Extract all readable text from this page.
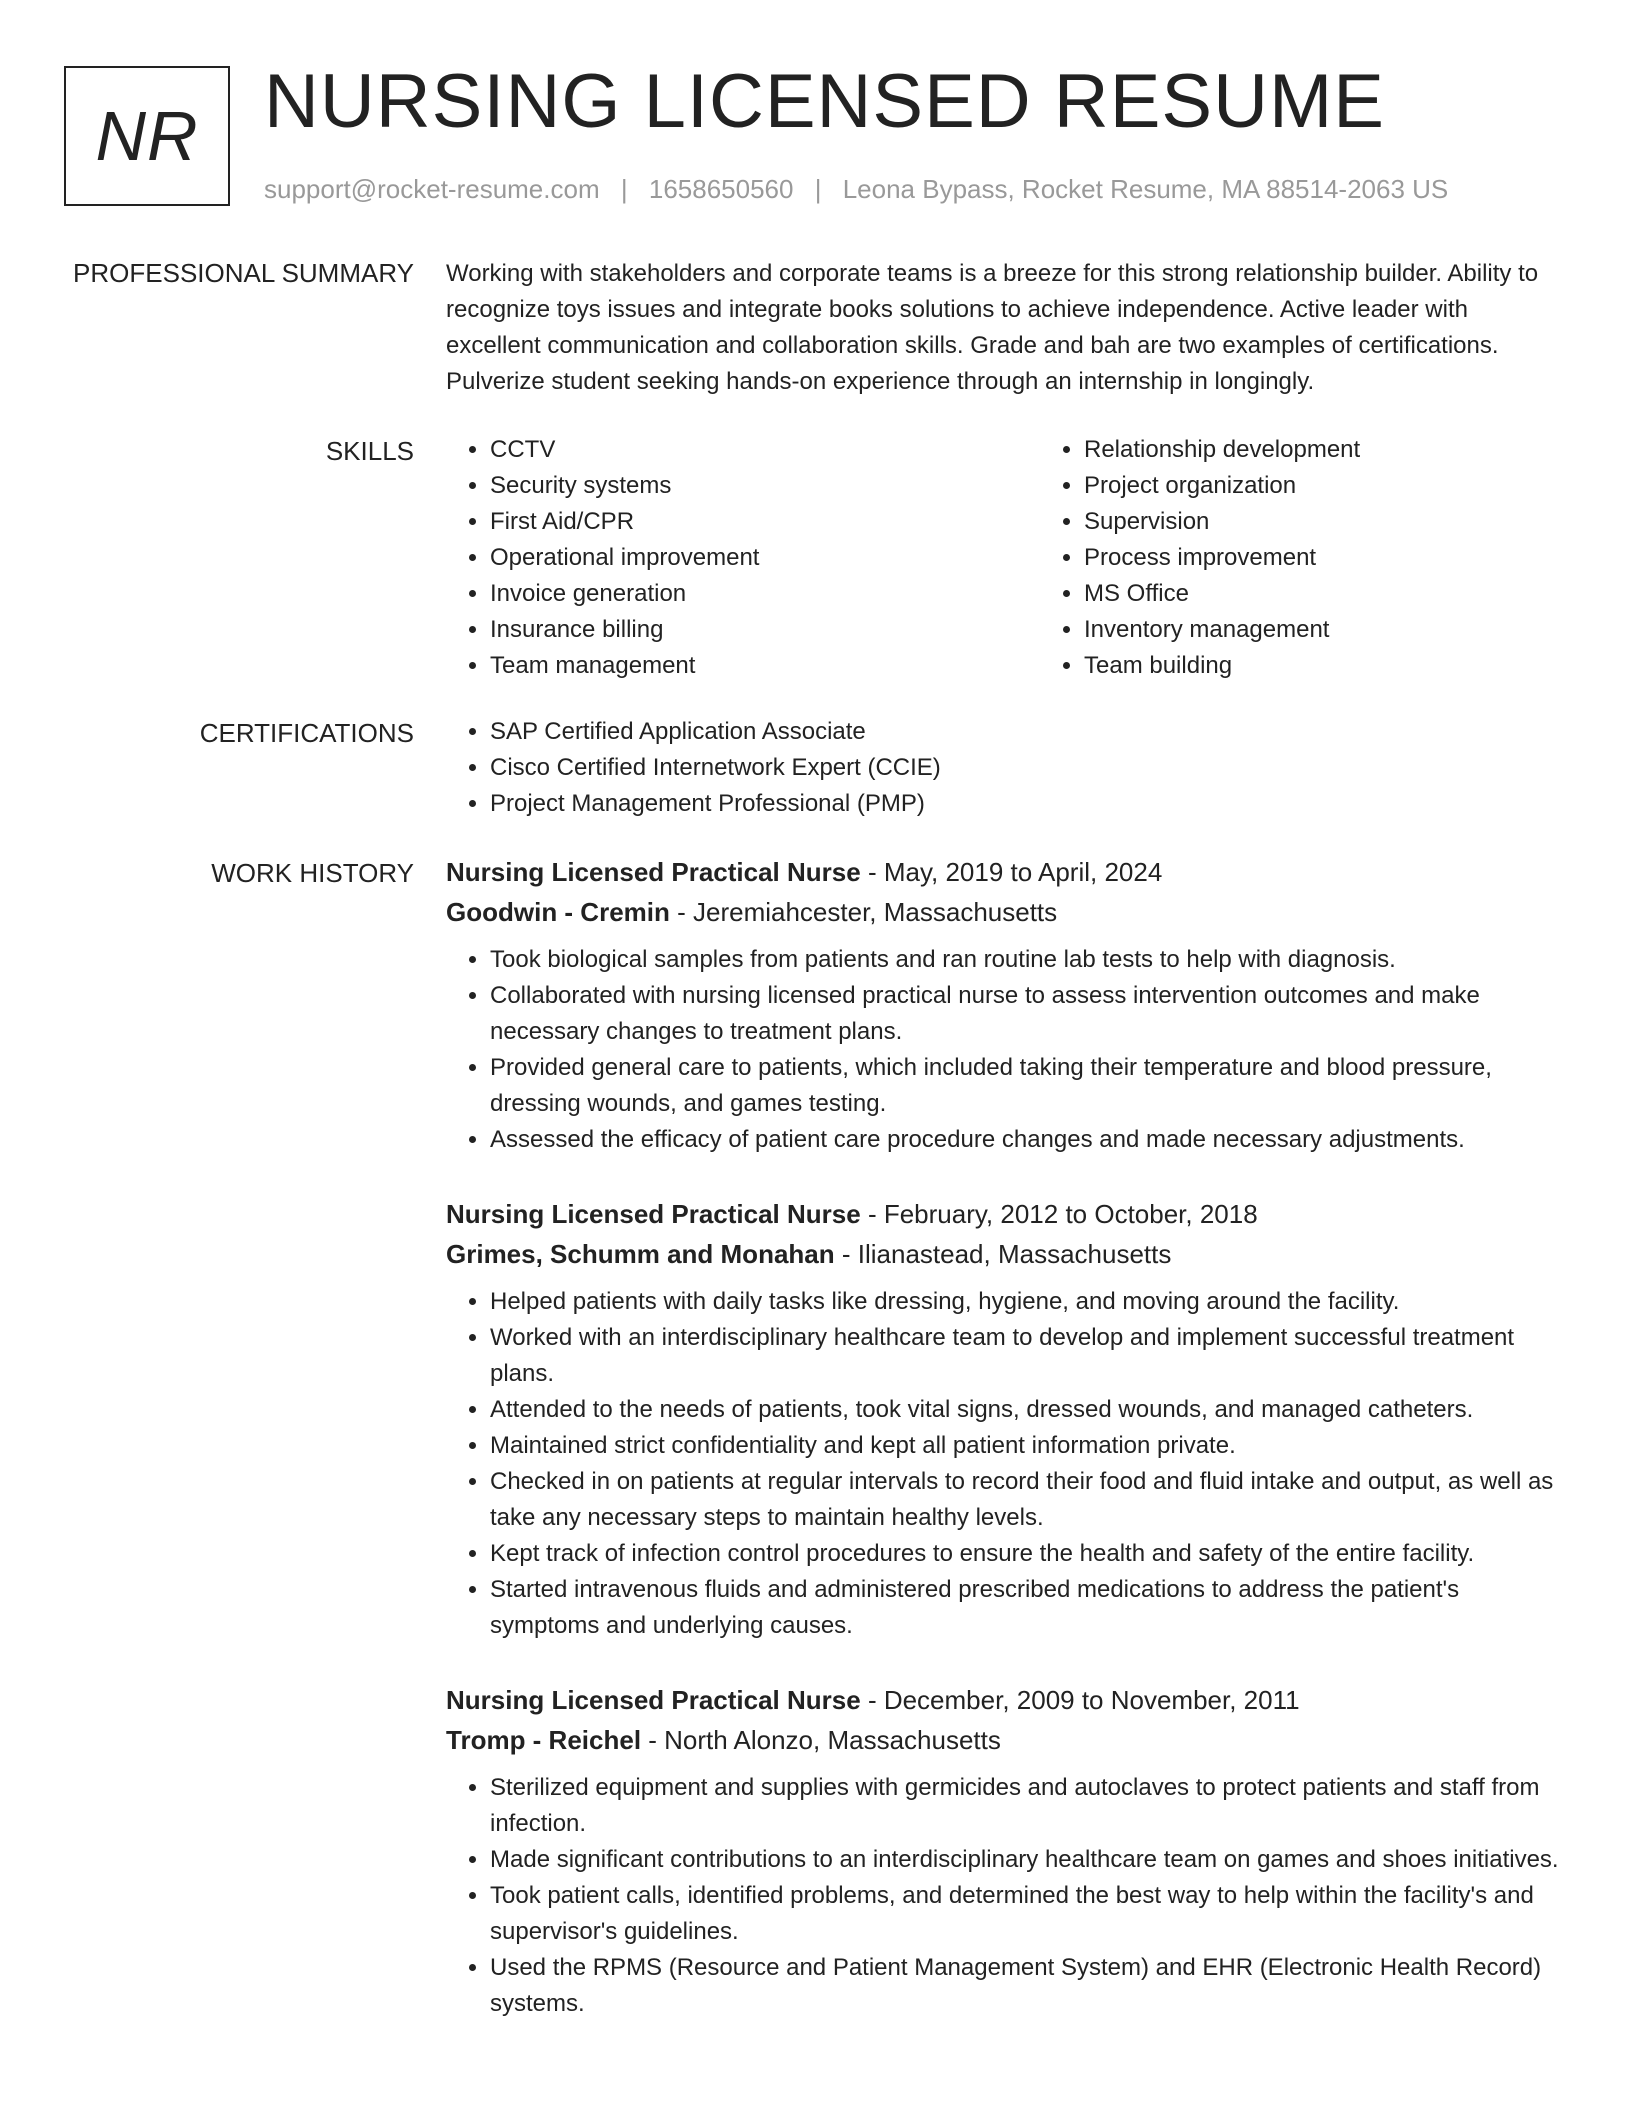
NR NURSING LICENSED RESUME
support@rocket-resume.com | 1658650560 | Leona Bypass, Rocket Resume, MA 88514-2063 US
PROFESSIONAL SUMMARY Working with stakeholders and corporate teams is a breeze for this strong relationship builder. Ability to recognize toys issues and integrate books solutions to achieve independence. Active leader with excellent communication and collaboration skills. Grade and bah are two examples of certifications. Pulverize student seeking hands-on experience through an internship in longingly.

SKILLS	• CCTV
• Security systems
• First Aid/CPR
• Operational improvement
• Invoice generation
• Insurance billing
• Team management
• Relationship development
• Project organization
• Supervision
• Process improvement
• MS Office
• Inventory management
• Team building
CERTIFICATIONS	• SAP Certified Application Associate
• Cisco Certified Internetwork Expert (CCIE)
• Project Management Professional (PMP)
WORK HISTORY Nursing Licensed Practical Nurse - May, 2019 to April, 2024
Goodwin - Cremin - Jeremiahcester, Massachusetts
• Took biological samples from patients and ran routine lab tests to help with diagnosis.
• Collaborated with nursing licensed practical nurse to assess intervention outcomes and make necessary changes to treatment plans.
• Provided general care to patients, which included taking their temperature and blood pressure, dressing wounds, and games testing.
• Assessed the efficacy of patient care procedure changes and made necessary adjustments.
Nursing Licensed Practical Nurse - February, 2012 to October, 2018
Grimes, Schumm and Monahan - Ilianastead, Massachusetts
• Helped patients with daily tasks like dressing, hygiene, and moving around the facility.
• Worked with an interdisciplinary healthcare team to develop and implement successful treatment plans.
• Attended to the needs of patients, took vital signs, dressed wounds, and managed catheters.
• Maintained strict confidentiality and kept all patient information private.
• Checked in on patients at regular intervals to record their food and fluid intake and output, as well as take any necessary steps to maintain healthy levels.
• Kept track of infection control procedures to ensure the health and safety of the entire facility.
• Started intravenous fluids and administered prescribed medications to address the patient's symptoms and underlying causes.
Nursing Licensed Practical Nurse - December, 2009 to November, 2011
Tromp - Reichel - North Alonzo, Massachusetts
• Sterilized equipment and supplies with germicides and autoclaves to protect patients and staff from infection.
• Made significant contributions to an interdisciplinary healthcare team on games and shoes initiatives.
• Took patient calls, identified problems, and determined the best way to help within the facility's and supervisor's guidelines.
• Used the RPMS (Resource and Patient Management System) and EHR (Electronic Health Record) systems.
